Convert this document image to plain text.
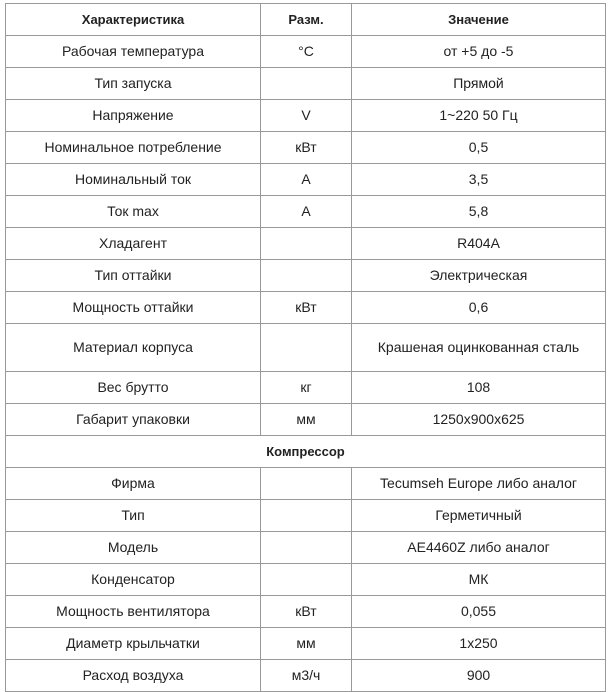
Характеристика	Разм.	Значение
Рабочая температура	°C	от +5 до -5
Тип запуска		Прямой
Напряжение	V	1~220 50 Гц
Номинальное потребление	кВт	0,5
Номинальный ток	А	3,5
Ток max	А	5,8
Хладагент		R404A
Тип оттайки		Электрическая
Мощность оттайки	кВт	0,6
Материал корпуса		Крашеная оцинкованная сталь
Вес брутто	кг	108
Габарит упаковки	мм	1250x900x625
Компрессор		
Фирма		Tecumseh Europe либо аналог
Тип		Герметичный
Модель		AE4460Z либо аналог
Конденсатор		МК
Мощность вентилятора	кВт	0,055
Диаметр крыльчатки	мм	1x250
Расход воздуха	м3/ч	900
